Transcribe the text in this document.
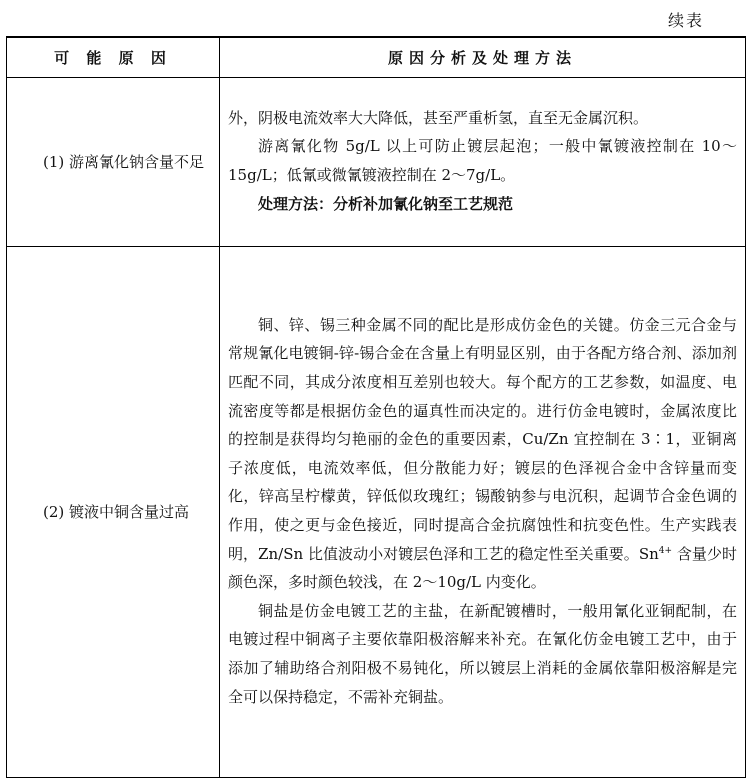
续表
可 能 原 因	原因分析及处理方法

(1) 游离氰化钠含量不足	外，阴极电流效率大大降低，甚至严重析氢，直至无金属沉积。

游离氰化物 5g/L 以上可防止镀层起泡；一般中氰镀液控制在 10～15g/L；低氰或微氰镀液控制在 2～7g/L。

处理方法：分析补加氰化钠至工艺规范

(2) 镀液中铜含量过高	铜、锌、锡三种金属不同的配比是形成仿金色的关键。仿金三元合金与常规氰化电镀铜-锌-锡合金在含量上有明显区别，由于各配方络合剂、添加剂匹配不同，其成分浓度相互差别也较大。每个配方的工艺参数，如温度、电流密度等都是根据仿金色的逼真性而决定的。进行仿金电镀时，金属浓度比的控制是获得均匀艳丽的金色的重要因素，Cu/Zn 宜控制在 3∶1，亚铜离子浓度低，电流效率低，但分散能力好；镀层的色泽视合金中含锌量而变化，锌高呈柠檬黄，锌低似玫瑰红；锡酸钠参与电沉积，起调节合金色调的作用，使之更与金色接近，同时提高合金抗腐蚀性和抗变色性。生产实践表明，Zn/Sn 比值波动小对镀层色泽和工艺的稳定性至关重要。$Sn^{4+}$ 含量少时颜色深，多时颜色较浅，在 2～10g/L 内变化。

铜盐是仿金电镀工艺的主盐，在新配镀槽时，一般用氰化亚铜配制，在电镀过程中铜离子主要依靠阳极溶解来补充。在氰化仿金电镀工艺中，由于添加了辅助络合剂阳极不易钝化，所以镀层上消耗的金属依靠阳极溶解是完全可以保持稳定，不需补充铜盐。
